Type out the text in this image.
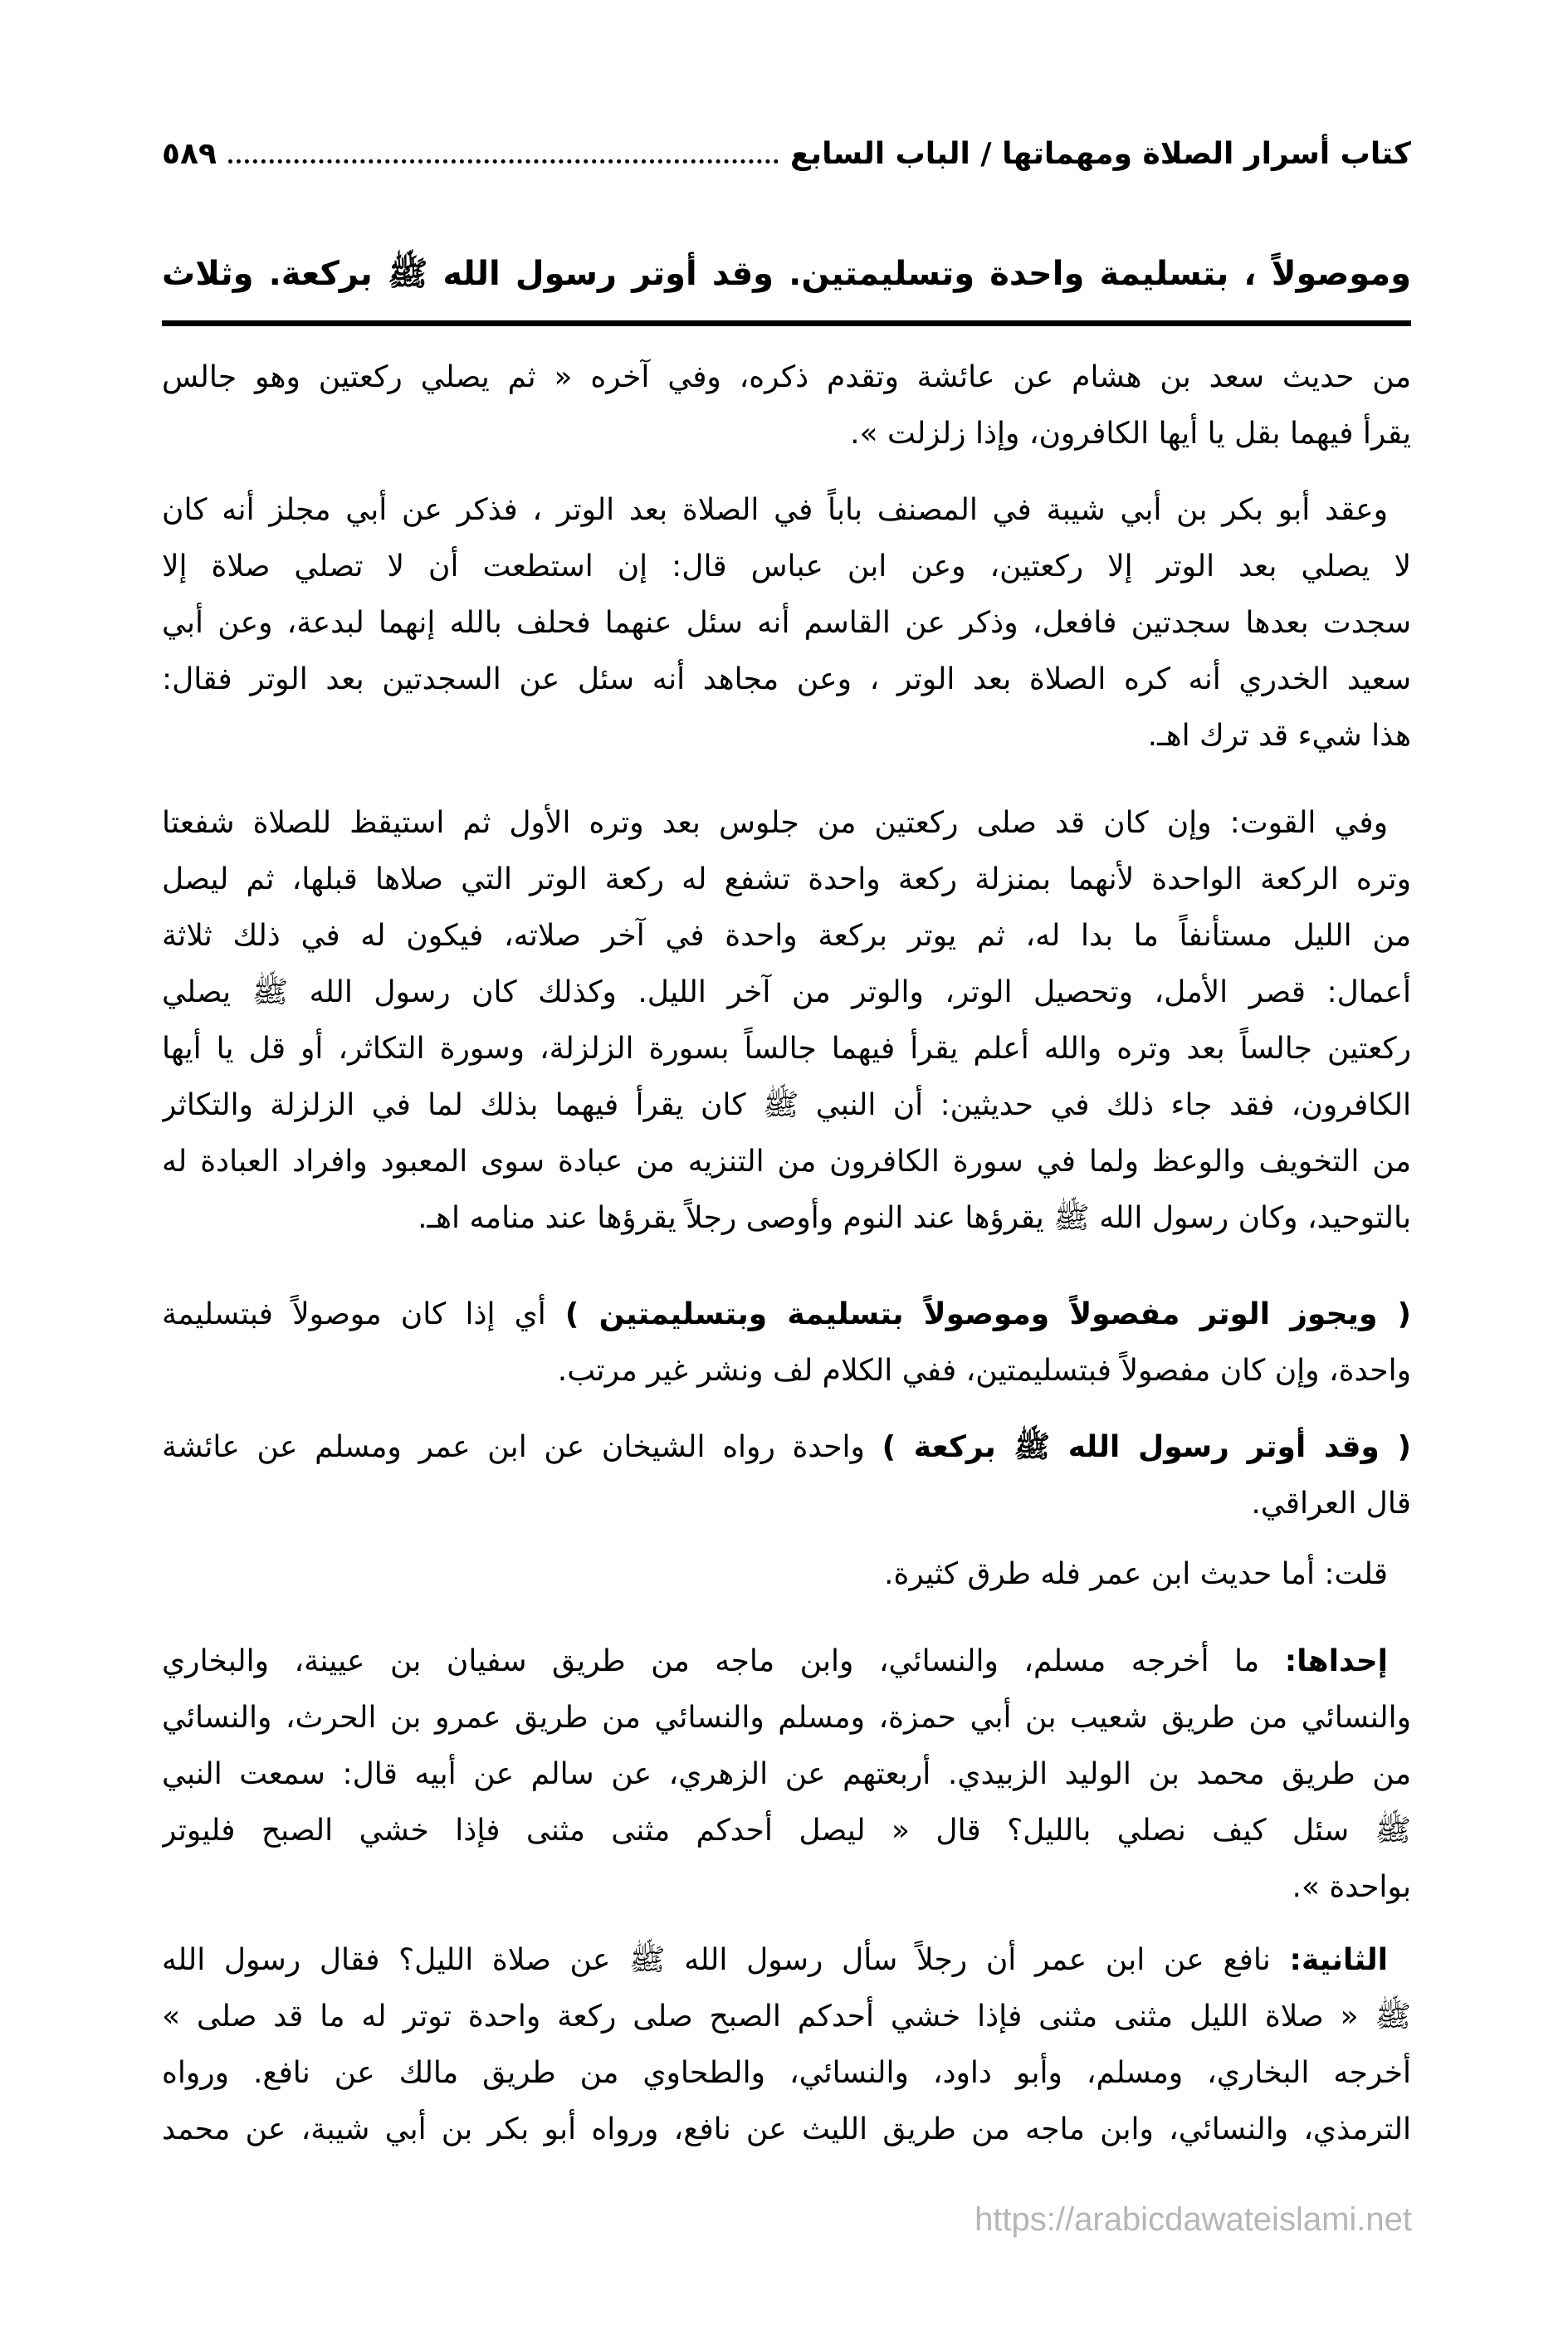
كتاب أسرار الصلاة ومهماتها / الباب السابع
٥٨٩
وموصولاً ، بتسليمة واحدة وتسليمتين. وقد أوتر رسول الله ﷺ بركعة. وثلاث
من حديث سعد بن هشام عن عائشة وتقدم ذكره، وفي آخره « ثم يصلي ركعتين وهو جالس
يقرأ فيهما بقل يا أيها الكافرون، وإذا زلزلت ».
وعقد أبو بكر بن أبي شيبة في المصنف باباً في الصلاة بعد الوتر ، فذكر عن أبي مجلز أنه كان
لا يصلي بعد الوتر إلا ركعتين، وعن ابن عباس قال: إن استطعت أن لا تصلي صلاة إلا
سجدت بعدها سجدتين فافعل، وذكر عن القاسم أنه سئل عنهما فحلف بالله إنهما لبدعة، وعن أبي
سعيد الخدري أنه كره الصلاة بعد الوتر ، وعن مجاهد أنه سئل عن السجدتين بعد الوتر فقال:
هذا شيء قد ترك اهـ.
وفي القوت: وإن كان قد صلى ركعتين من جلوس بعد وتره الأول ثم استيقظ للصلاة شفعتا
وتره الركعة الواحدة لأنهما بمنزلة ركعة واحدة تشفع له ركعة الوتر التي صلاها قبلها، ثم ليصل
من الليل مستأنفاً ما بدا له، ثم يوتر بركعة واحدة في آخر صلاته، فيكون له في ذلك ثلاثة
أعمال: قصر الأمل، وتحصيل الوتر، والوتر من آخر الليل. وكذلك كان رسول الله ﷺ يصلي
ركعتين جالساً بعد وتره والله أعلم يقرأ فيهما جالساً بسورة الزلزلة، وسورة التكاثر، أو قل يا أيها
الكافرون، فقد جاء ذلك في حديثين: أن النبي ﷺ كان يقرأ فيهما بذلك لما في الزلزلة والتكاثر
من التخويف والوعظ ولما في سورة الكافرون من التنزيه من عبادة سوى المعبود وافراد العبادة له
بالتوحيد، وكان رسول الله ﷺ يقرؤها عند النوم وأوصى رجلاً يقرؤها عند منامه اهـ.
( ويجوز الوتر مفصولاً وموصولاً بتسليمة وبتسليمتين ) أي إذا كان موصولاً فبتسليمة
واحدة، وإن كان مفصولاً فبتسليمتين، ففي الكلام لف ونشر غير مرتب.
( وقد أوتر رسول الله ﷺ بركعة ) واحدة رواه الشيخان عن ابن عمر ومسلم عن عائشة
قال العراقي.
قلت: أما حديث ابن عمر فله طرق كثيرة.
إحداها: ما أخرجه مسلم، والنسائي، وابن ماجه من طريق سفيان بن عيينة، والبخاري
والنسائي من طريق شعيب بن أبي حمزة، ومسلم والنسائي من طريق عمرو بن الحرث، والنسائي
من طريق محمد بن الوليد الزبيدي. أربعتهم عن الزهري، عن سالم عن أبيه قال: سمعت النبي
ﷺ سئل كيف نصلي بالليل؟ قال « ليصل أحدكم مثنى مثنى فإذا خشي الصبح فليوتر
بواحدة ».
الثانية: نافع عن ابن عمر أن رجلاً سأل رسول الله ﷺ عن صلاة الليل؟ فقال رسول الله
ﷺ « صلاة الليل مثنى مثنى فإذا خشي أحدكم الصبح صلى ركعة واحدة توتر له ما قد صلى »
أخرجه البخاري، ومسلم، وأبو داود، والنسائي، والطحاوي من طريق مالك عن نافع. ورواه
الترمذي، والنسائي، وابن ماجه من طريق الليث عن نافع، ورواه أبو بكر بن أبي شيبة، عن محمد
https://arabicdawateislami.net
